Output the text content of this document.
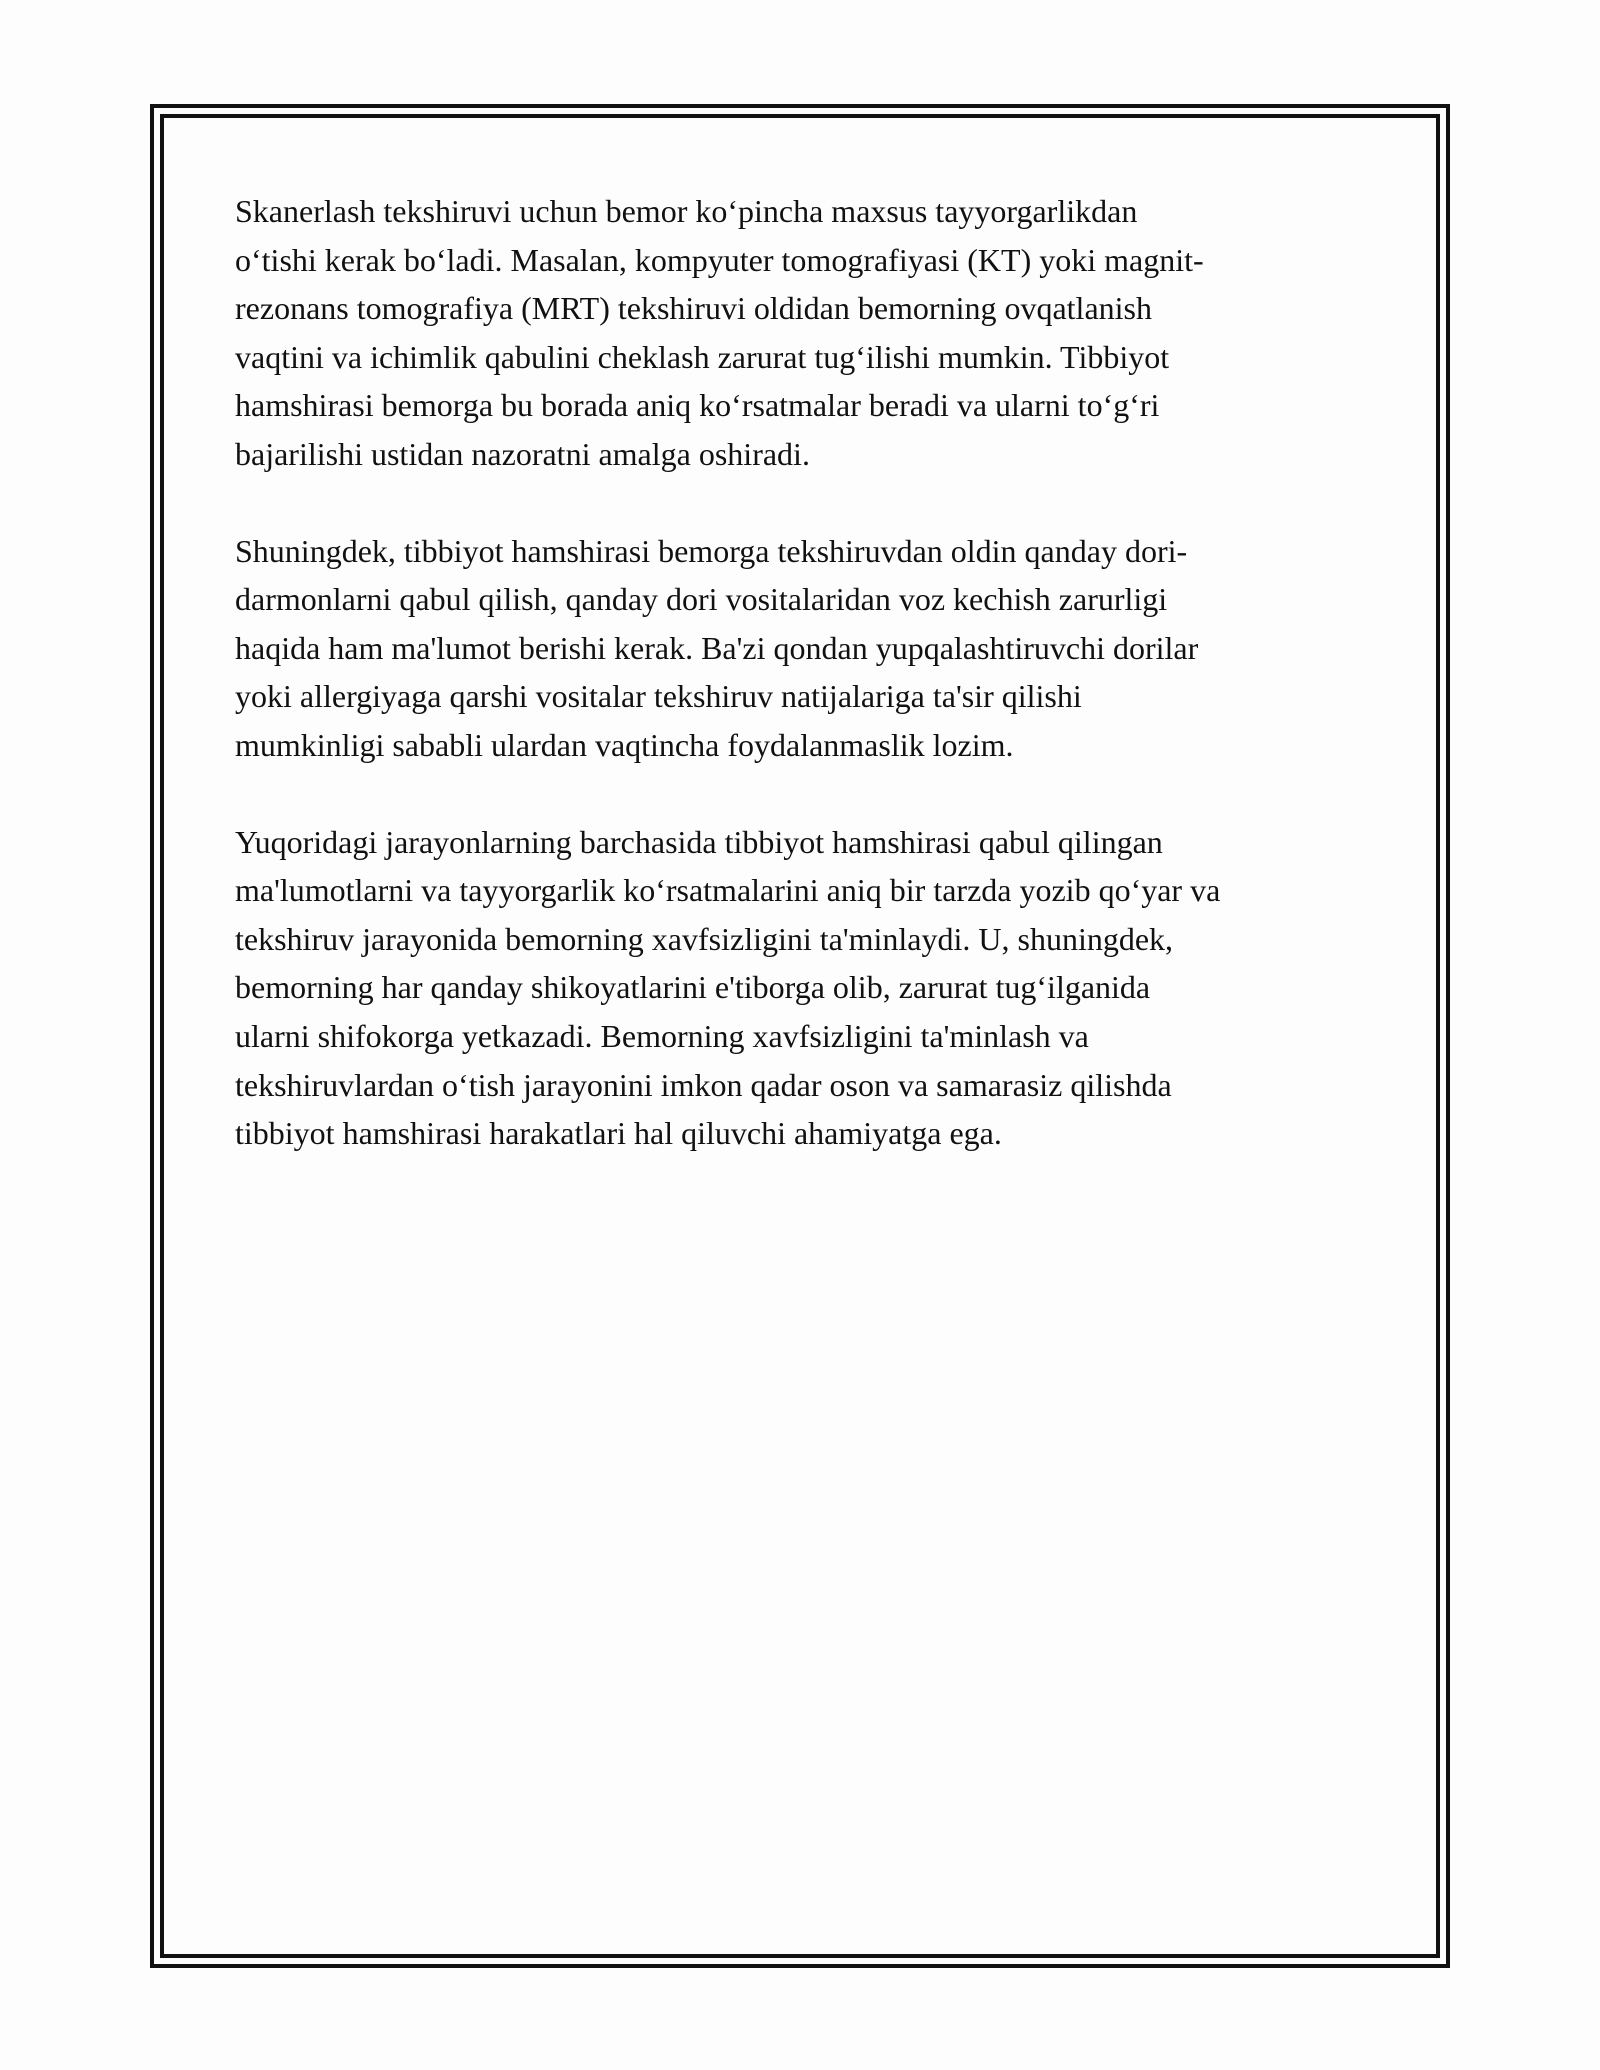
Skanerlash tekshiruvi uchun bemor koʻpincha maxsus tayyorgarlikdan
oʻtishi kerak boʻladi. Masalan, kompyuter tomografiyasi (KT) yoki magnit-
rezonans tomografiya (MRT) tekshiruvi oldidan bemorning ovqatlanish
vaqtini va ichimlik qabulini cheklash zarurat tugʻilishi mumkin. Tibbiyot
hamshirasi bemorga bu borada aniq koʻrsatmalar beradi va ularni toʻgʻri
bajarilishi ustidan nazoratni amalga oshiradi.

Shuningdek, tibbiyot hamshirasi bemorga tekshiruvdan oldin qanday dori-
darmonlarni qabul qilish, qanday dori vositalaridan voz kechish zarurligi
haqida ham ma'lumot berishi kerak. Ba'zi qondan yupqalashtiruvchi dorilar
yoki allergiyaga qarshi vositalar tekshiruv natijalariga ta'sir qilishi
mumkinligi sababli ulardan vaqtincha foydalanmaslik lozim.

Yuqoridagi jarayonlarning barchasida tibbiyot hamshirasi qabul qilingan
ma'lumotlarni va tayyorgarlik koʻrsatmalarini aniq bir tarzda yozib qoʻyar va
tekshiruv jarayonida bemorning xavfsizligini ta'minlaydi. U, shuningdek,
bemorning har qanday shikoyatlarini e'tiborga olib, zarurat tugʻilganida
ularni shifokorga yetkazadi. Bemorning xavfsizligini ta'minlash va
tekshiruvlardan oʻtish jarayonini imkon qadar oson va samarasiz qilishda
tibbiyot hamshirasi harakatlari hal qiluvchi ahamiyatga ega.
